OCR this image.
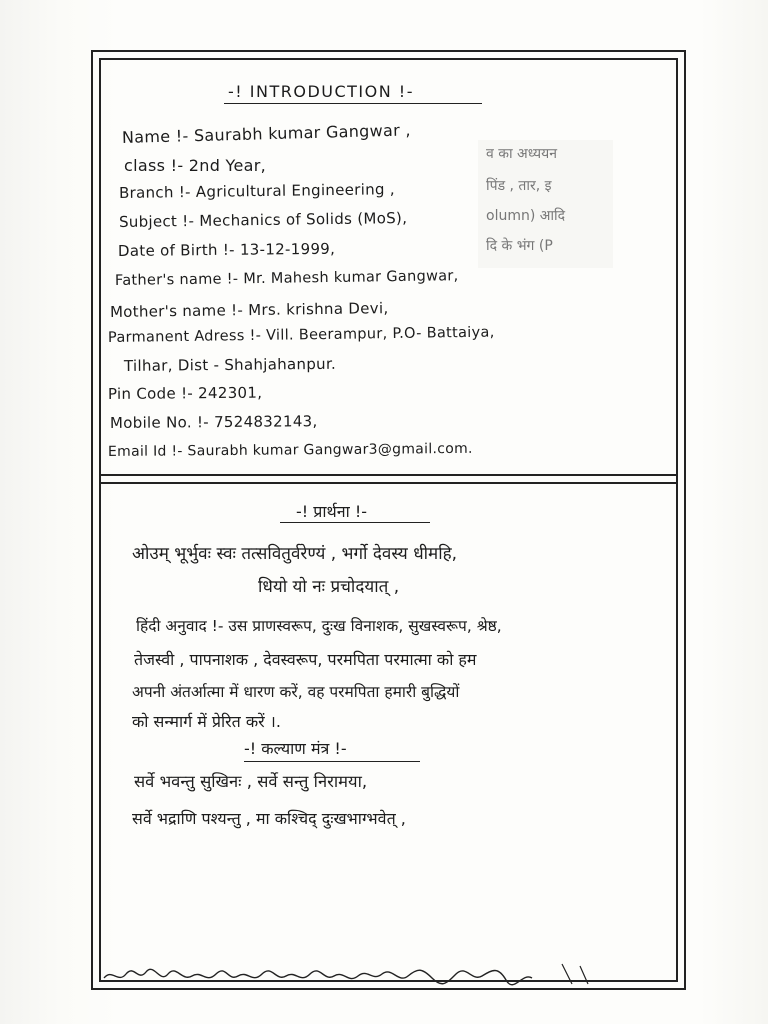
व का अध्ययन
पिंड , तार, इ
olumn) आदि
दि के भंग (P
-! INTRODUCTION !-
Name !- Saurabh kumar Gangwar ,
class !- 2nd Year,
Branch !- Agricultural Engineering ,
Subject !- Mechanics of Solids (MoS),
Date of Birth !- 13-12-1999,
Father's name !- Mr. Mahesh kumar Gangwar,
Mother's name !- Mrs. krishna Devi,
Parmanent Adress !- Vill. Beerampur, P.O- Battaiya,
Tilhar, Dist - Shahjahanpur.
Pin Code !- 242301,
Mobile No. !- 7524832143,
Email Id !- Saurabh kumar Gangwar3@gmail.com.
-! प्रार्थना !-
ओउम् भूर्भुवः स्वः तत्सवितुर्वरेण्यं , भर्गो देवस्य धीमहि,
धियो यो नः प्रचोदयात् ,
हिंदी अनुवाद !- उस प्राणस्वरूप, दुःख विनाशक, सुखस्वरूप, श्रेष्ठ,
तेजस्वी , पापनाशक , देवस्वरूप, परमपिता परमात्मा को हम
अपनी अंतर्आत्मा में धारण करें, वह परमपिता हमारी बुद्धियों
को सन्मार्ग में प्रेरित करें ।.
-! कल्याण मंत्र !-
सर्वे भवन्तु सुखिनः , सर्वे सन्तु निरामया,
सर्वे भद्राणि पश्यन्तु , मा कश्चिद् दुःखभाग्भवेत् ,
